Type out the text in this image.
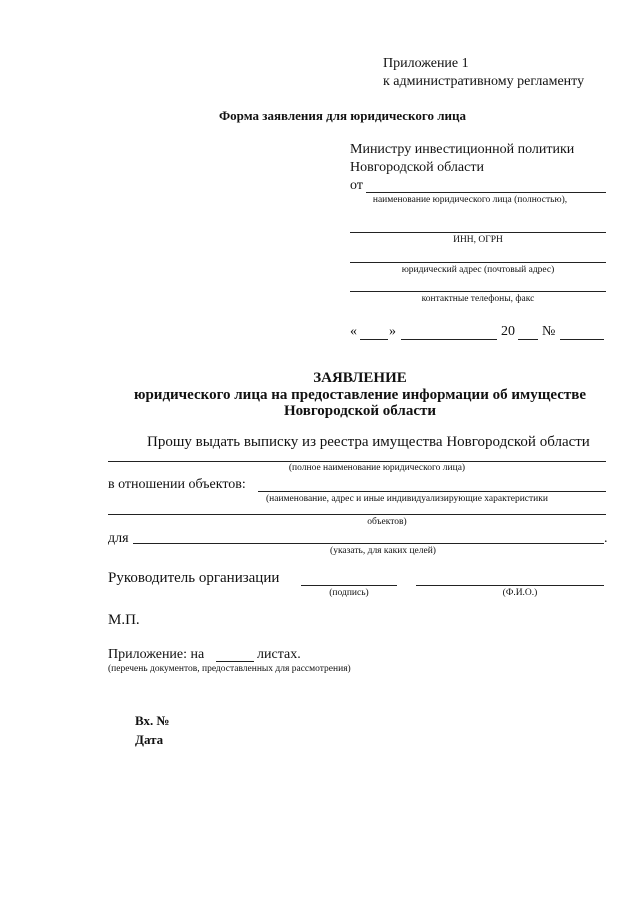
Приложение 1
к административному регламенту
Форма заявления для юридического лица
Министру инвестиционной политики
Новгородской области
от
наименование юридического лица (полностью),
ИНН, ОГРН
юридический адрес (почтовый адрес)
контактные телефоны, факс
« »	20 №
ЗАЯВЛЕНИЕ
юридического лица на предоставление информации об имуществе
Новгородской области
Прошу выдать выписку из реестра имущества Новгородской области
(полное наименование юридического лица)
в отношении объектов:
(наименование, адрес и иные индивидуализирующие характеристики
объектов)
для	.
(указать, для каких целей)
Руководитель организации
(подпись)	(Ф.И.О.)
М.П.
Приложение: на	листах.
(перечень документов, предоставленных для рассмотрения)
Вх. №
Дата
